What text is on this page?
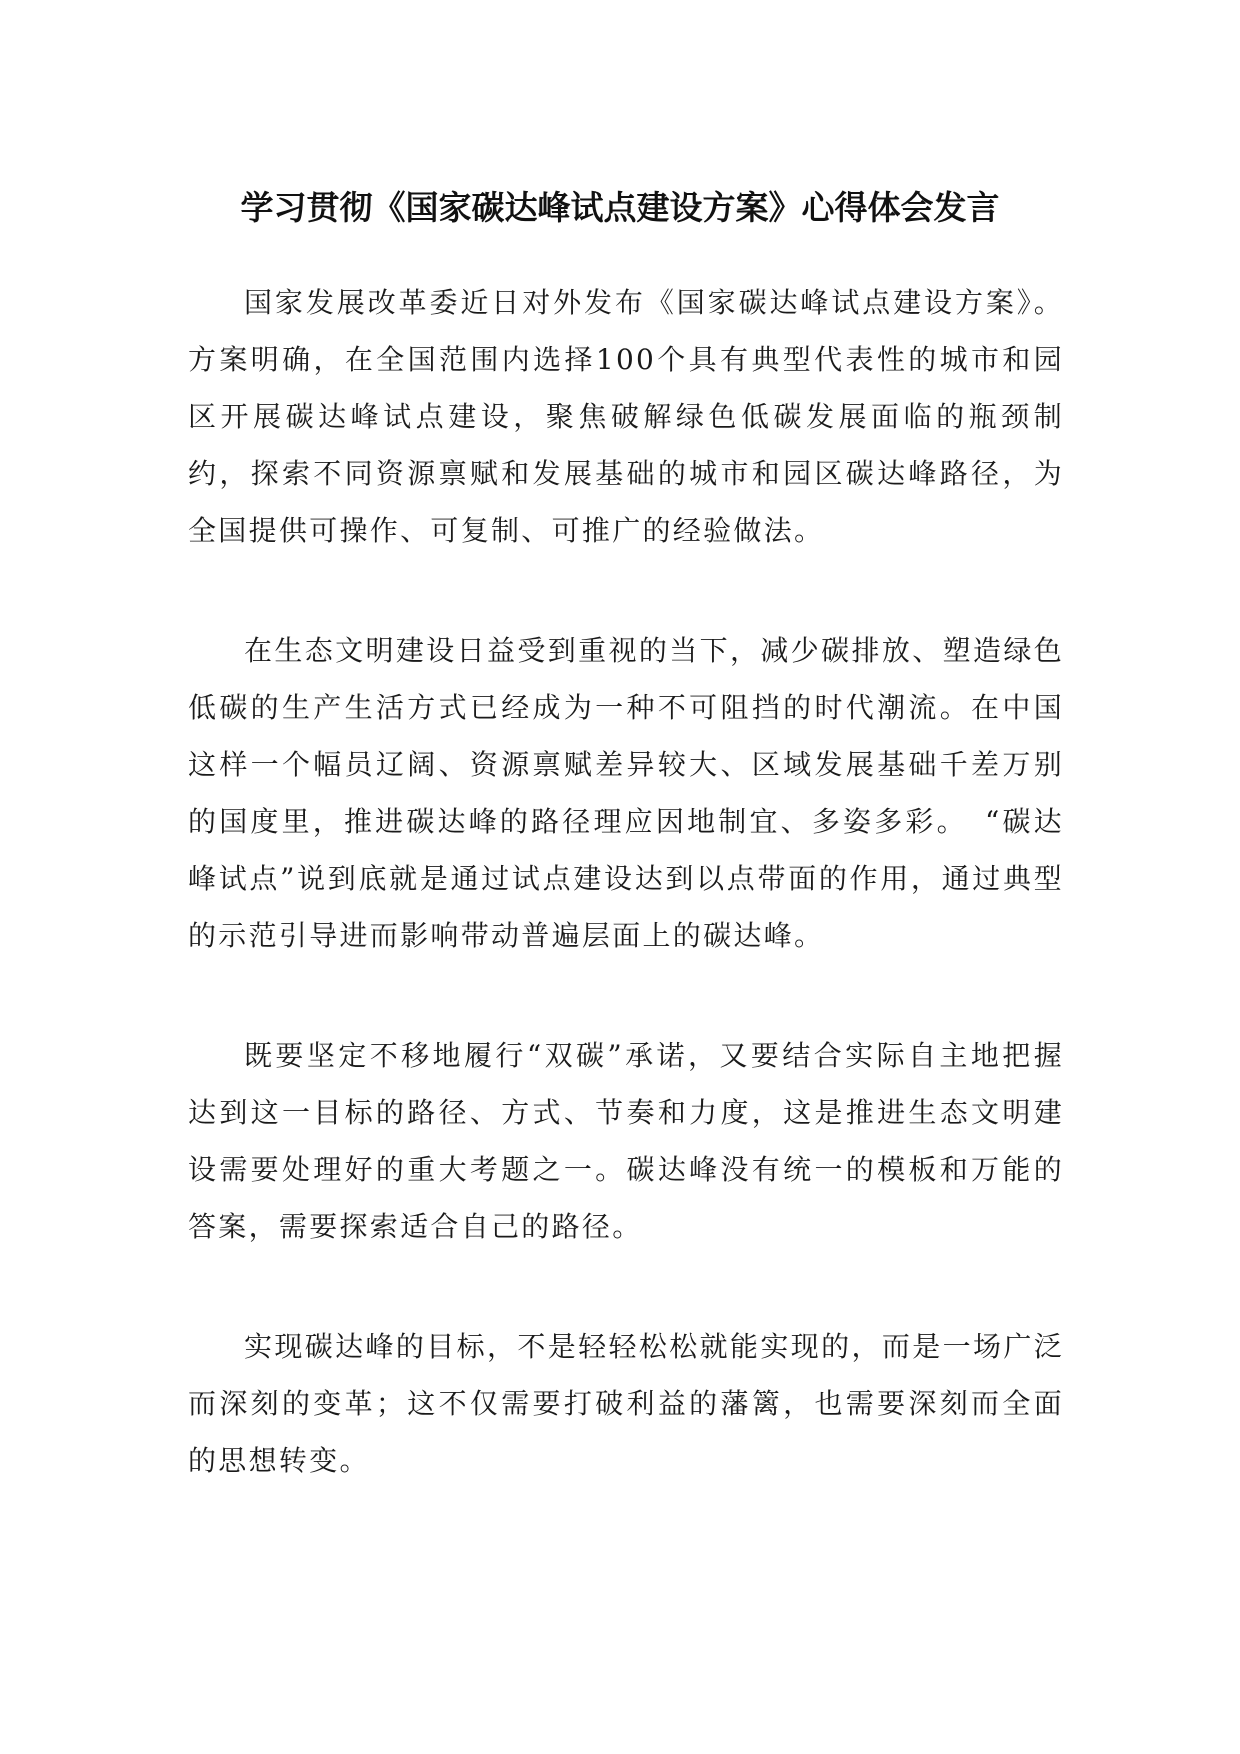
学习贯彻《国家碳达峰试点建设方案》心得体会发言

国家发展改革委近日对外发布《国家碳达峰试点建设方案》。方案明确，在全国范围内选择100个具有典型代表性的城市和园区开展碳达峰试点建设，聚焦破解绿色低碳发展面临的瓶颈制约，探索不同资源禀赋和发展基础的城市和园区碳达峰路径，为全国提供可操作、可复制、可推广的经验做法。

在生态文明建设日益受到重视的当下，减少碳排放、塑造绿色低碳的生产生活方式已经成为一种不可阻挡的时代潮流。在中国这样一个幅员辽阔、资源禀赋差异较大、区域发展基础千差万别的国度里，推进碳达峰的路径理应因地制宜、多姿多彩。　“碳达峰试点”说到底就是通过试点建设达到以点带面的作用，通过典型的示范引导进而影响带动普遍层面上的碳达峰。

既要坚定不移地履行“双碳”承诺，又要结合实际自主地把握达到这一目标的路径、方式、节奏和力度，这是推进生态文明建设需要处理好的重大考题之一。碳达峰没有统一的模板和万能的答案，需要探索适合自己的路径。

实现碳达峰的目标，不是轻轻松松就能实现的，而是一场广泛而深刻的变革；这不仅需要打破利益的藩篱，也需要深刻而全面的思想转变。
